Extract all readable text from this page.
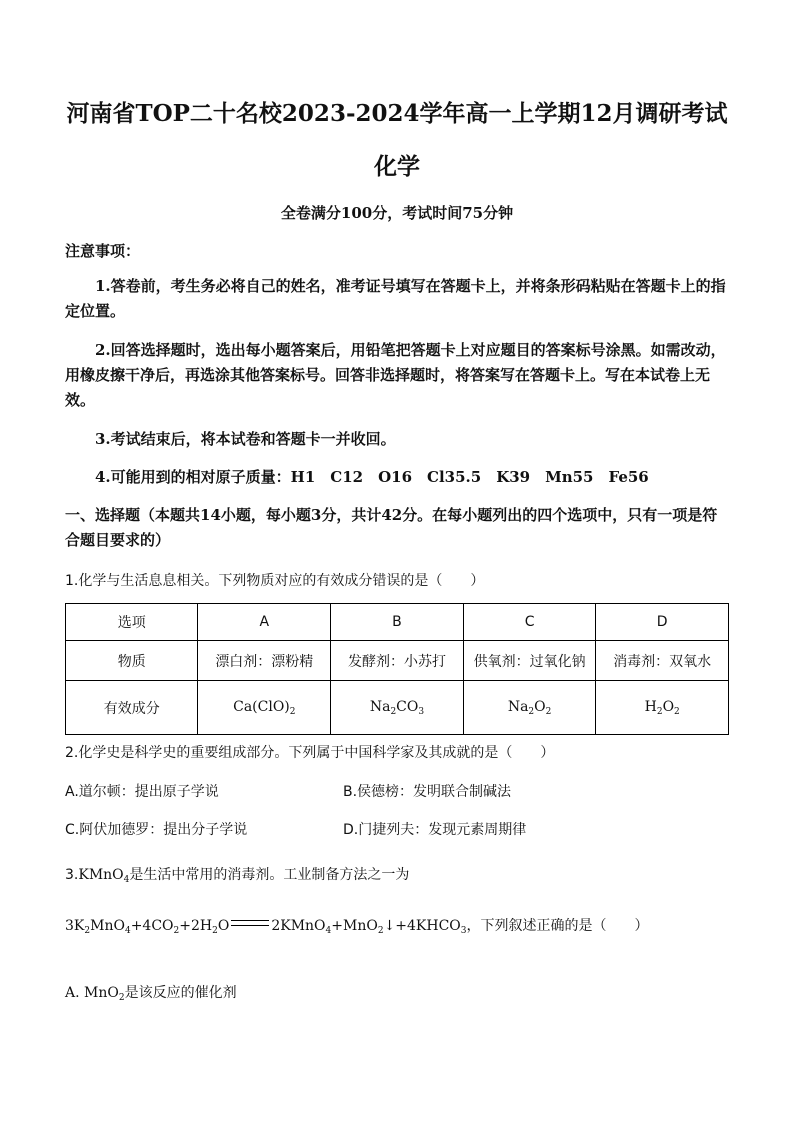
河南省TOP二十名校2023-2024学年高一上学期12月调研考试
化学
全卷满分100分，考试时间75分钟
注意事项：
1.答卷前，考生务必将自己的姓名，准考证号填写在答题卡上，并将条形码粘贴在答题卡上的指定位置。
2.回答选择题时，选出每小题答案后，用铅笔把答题卡上对应题目的答案标号涂黑。如需改动，用橡皮擦干净后，再选涂其他答案标号。回答非选择题时，将答案写在答题卡上。写在本试卷上无效。
3.考试结束后，将本试卷和答题卡一并收回。
4.可能用到的相对原子质量：H1　C12　O16　Cl35.5　K39　Mn55　Fe56
一、选择题（本题共14小题，每小题3分，共计42分。在每小题列出的四个选项中，只有一项是符合题目要求的）
1.化学与生活息息相关。下列物质对应的有效成分错误的是（　　）
选项	A	B	C	D
物质	漂白剂：漂粉精	发酵剂：小苏打	供氧剂：过氧化钠	消毒剂：双氧水
有效成分	$Ca(ClO)_2$	$Na_2CO_3$	$Na_2O_2$	$H_2O_2$
2.化学史是科学史的重要组成部分。下列属于中国科学家及其成就的是（　　）
A.道尔顿：提出原子学说	B.侯德榜：发明联合制碱法
C.阿伏加德罗：提出分子学说	D.门捷列夫：发现元素周期律
3.KMnO$_4$是生活中常用的消毒剂。工业制备方法之一为
$3K_2MnO_4+4CO_2+2H_2O$	$2KMnO_4+MnO_2↓+4KHCO_3$，下列叙述正确的是（　　）
A. MnO$_2$是该反应的催化剂
